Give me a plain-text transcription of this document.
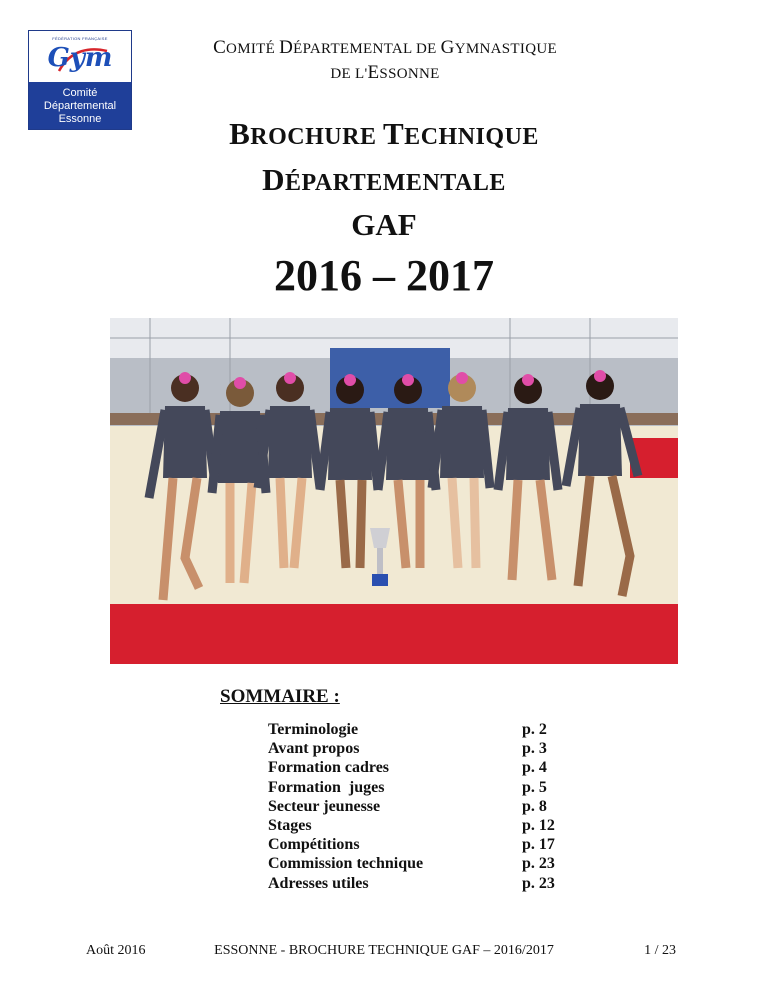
FÉDÉRATION FRANÇAISE
Gym
Comité
Départemental
Essonne
COMITÉ DÉPARTEMENTAL DE GYMNASTIQUE
DE L'ESSONNE
BROCHURE TECHNIQUE
DÉPARTEMENTALE
GAF
2016 – 2017
SOMMAIRE :
Terminologie	p. 2
Avant propos	p. 3
Formation cadres	p. 4
Formation  juges	p. 5
Secteur jeunesse	p. 8
Stages	p. 12
Compétitions	p. 17
Commission technique	p. 23
Adresses utiles	p. 23
Août 2016	ESSONNE - BROCHURE TECHNIQUE GAF – 2016/2017	1 / 23
